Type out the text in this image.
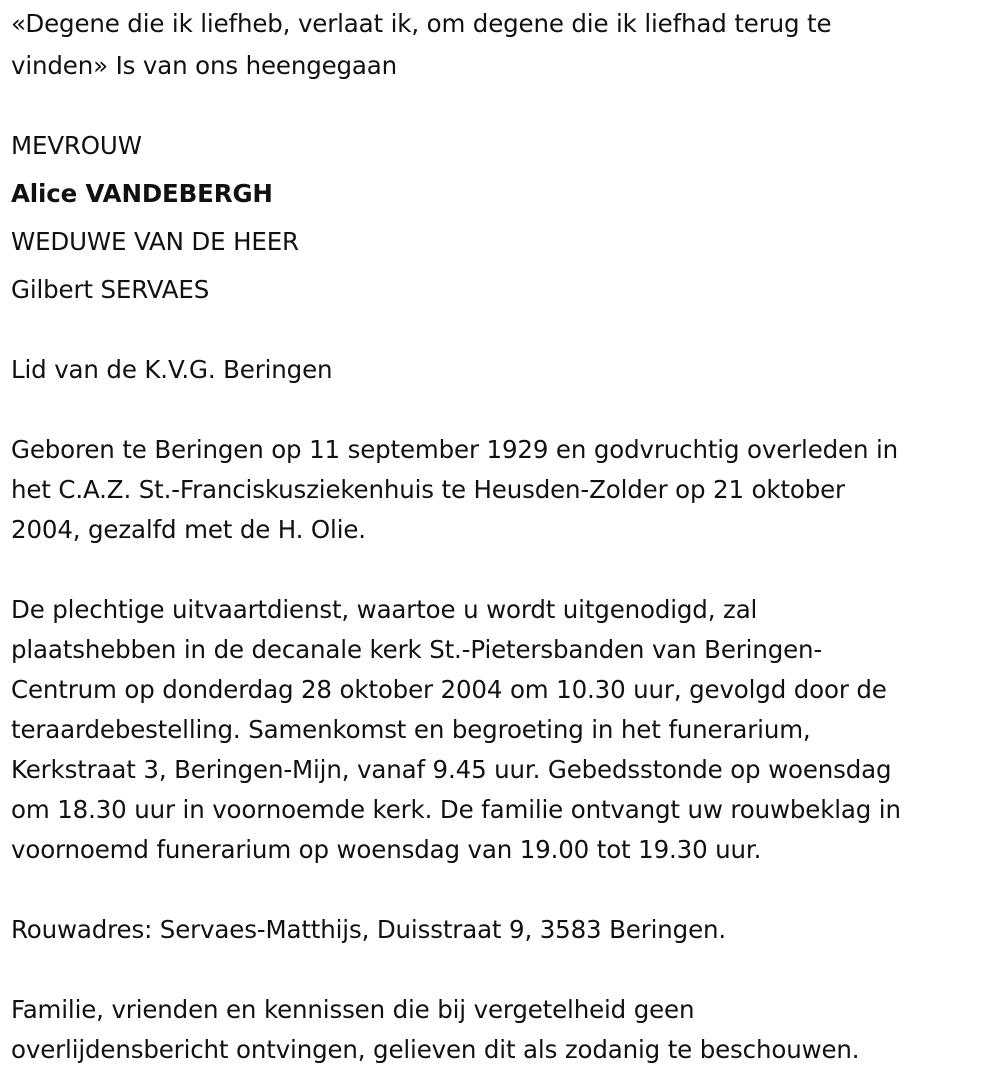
«Degene die ik liefheb, verlaat ik, om degene die ik liefhad terug te
vinden» Is van ons heengegaan
MEVROUW
Alice VANDEBERGH
WEDUWE VAN DE HEER
Gilbert SERVAES
Lid van de K.V.G. Beringen
Geboren te Beringen op 11 september 1929 en godvruchtig overleden in
het C.A.Z. St.-Franciskusziekenhuis te Heusden-Zolder op 21 oktober
2004, gezalfd met de H. Olie.
De plechtige uitvaartdienst, waartoe u wordt uitgenodigd, zal
plaatshebben in de decanale kerk St.-Pietersbanden van Beringen-
Centrum op donderdag 28 oktober 2004 om 10.30 uur, gevolgd door de
teraardebestelling. Samenkomst en begroeting in het funerarium,
Kerkstraat 3, Beringen-Mijn, vanaf 9.45 uur. Gebedsstonde op woensdag
om 18.30 uur in voornoemde kerk. De familie ontvangt uw rouwbeklag in
voornoemd funerarium op woensdag van 19.00 tot 19.30 uur.
Rouwadres: Servaes-Matthijs, Duisstraat 9, 3583 Beringen.
Familie, vrienden en kennissen die bij vergetelheid geen
overlijdensbericht ontvingen, gelieven dit als zodanig te beschouwen.
